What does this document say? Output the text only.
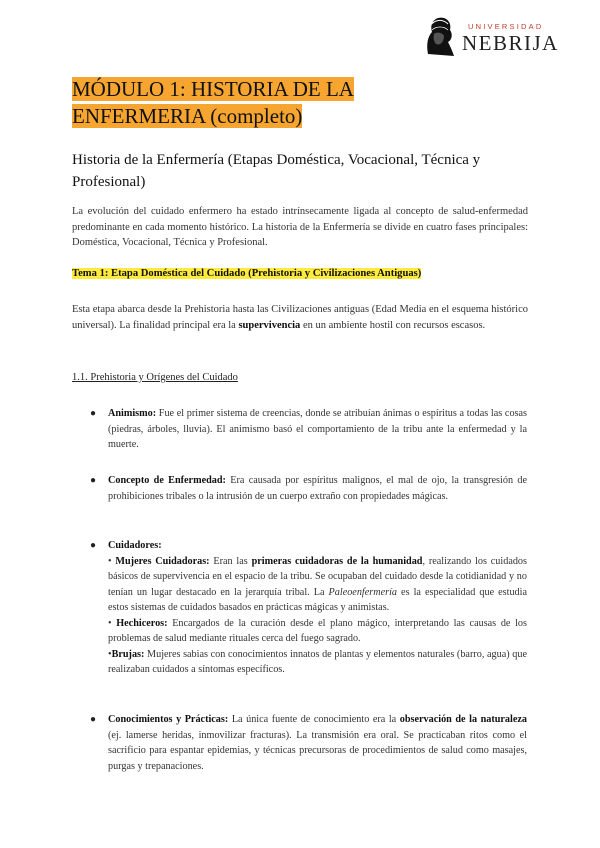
UNIVERSIDAD
NEBRIJA
MÓDULO 1: HISTORIA DE LA ENFERMERIA (completo)
Historia de la Enfermería (Etapas Doméstica, Vocacional, Técnica y Profesional)
La evolución del cuidado enfermero ha estado intrínsecamente ligada al concepto de salud-enfermedad predominante en cada momento histórico. La historia de la Enfermería se divide en cuatro fases principales: Doméstica, Vocacional, Técnica y Profesional.
Tema 1: Etapa Doméstica del Cuidado (Prehistoria y Civilizaciones Antiguas)
Esta etapa abarca desde la Prehistoria hasta las Civilizaciones antiguas (Edad Media en el esquema histórico universal). La finalidad principal era la supervivencia en un ambiente hostil con recursos escasos.
1.1. Prehistoria y Orígenes del Cuidado
● Animismo: Fue el primer sistema de creencias, donde se atribuían ánimas o espíritus a todas las cosas (piedras, árboles, lluvia). El animismo basó el comportamiento de la tribu ante la enfermedad y la muerte.
● Concepto de Enfermedad: Era causada por espíritus malignos, el mal de ojo, la transgresión de prohibiciones tribales o la intrusión de un cuerpo extraño con propiedades mágicas.
● Cuidadores:
• Mujeres Cuidadoras: Eran las primeras cuidadoras de la humanidad, realizando los cuidados básicos de supervivencia en el espacio de la tribu. Se ocupaban del cuidado desde la cotidianidad y no tenían un lugar destacado en la jerarquía tribal. La Paleoenfermería es la especialidad que estudia estos sistemas de cuidados basados en prácticas mágicas y animistas.
• Hechiceros: Encargados de la curación desde el plano mágico, interpretando las causas de los problemas de salud mediante rituales cerca del fuego sagrado.
•Brujas: Mujeres sabias con conocimientos innatos de plantas y elementos naturales (barro, agua) que realizaban cuidados a síntomas específicos.
● Conocimientos y Prácticas: La única fuente de conocimiento era la observación de la naturaleza (ej. lamerse heridas, inmovilizar fracturas). La transmisión era oral. Se practicaban ritos como el sacrificio para espantar epidemias, y técnicas precursoras de procedimientos de salud como masajes, purgas y trepanaciones.
